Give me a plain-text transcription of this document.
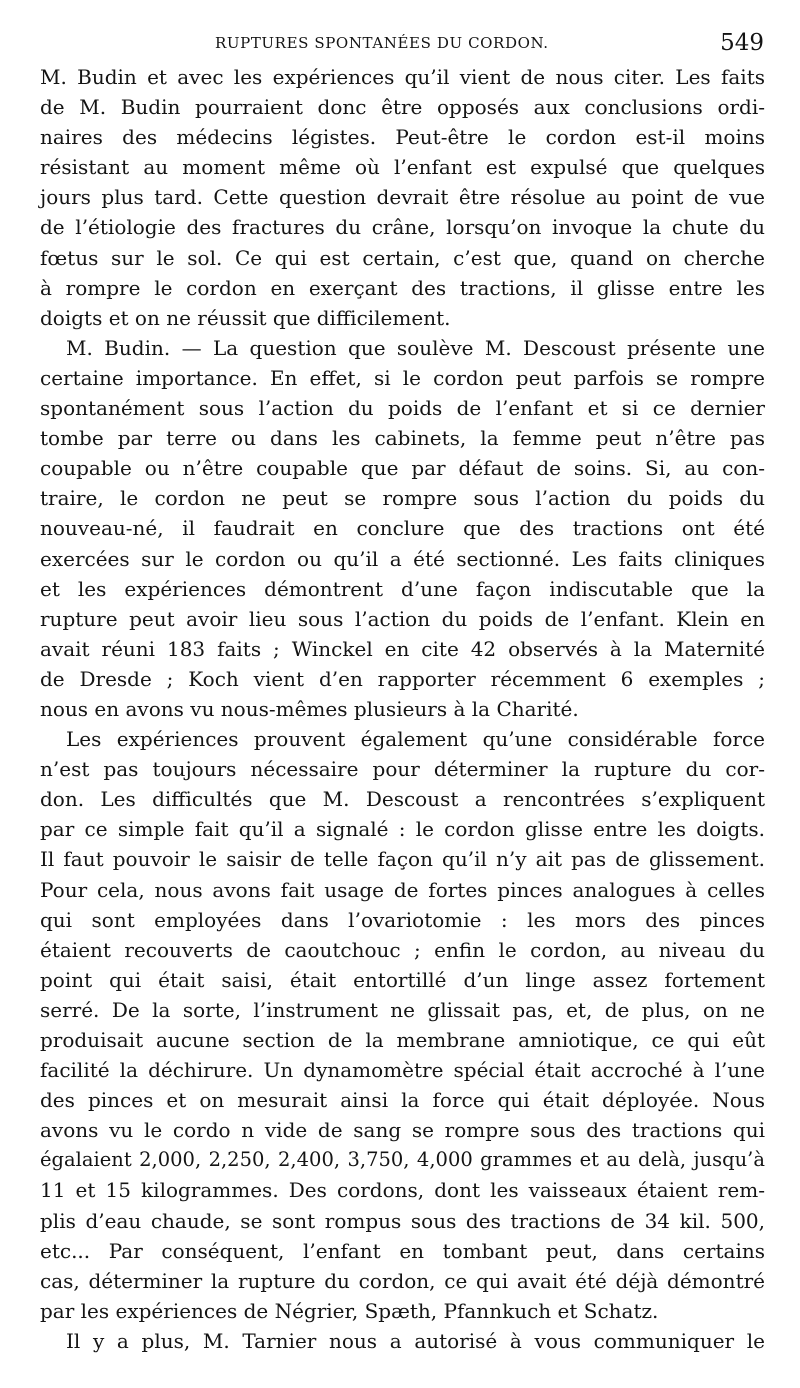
RUPTURES SPONTANÉES DU CORDON.	549
M. Budin et avec les expériences qu’il vient de nous citer. Les faits
de M. Budin pourraient donc être opposés aux conclusions ordi-
naires des médecins légistes. Peut-être le cordon est-il moins
résistant au moment même où l’enfant est expulsé que quelques
jours plus tard. Cette question devrait être résolue au point de vue
de l’étiologie des fractures du crâne, lorsqu’on invoque la chute du
fœtus sur le sol. Ce qui est certain, c’est que, quand on cherche
à rompre le cordon en exerçant des tractions, il glisse entre les
doigts et on ne réussit que difficilement.
M. Budin. — La question que soulève M. Descoust présente une
certaine importance. En effet, si le cordon peut parfois se rompre
spontanément sous l’action du poids de l’enfant et si ce dernier
tombe par terre ou dans les cabinets, la femme peut n’être pas
coupable ou n’être coupable que par défaut de soins. Si, au con-
traire, le cordon ne peut se rompre sous l’action du poids du
nouveau-né, il faudrait en conclure que des tractions ont été
exercées sur le cordon ou qu’il a été sectionné. Les faits cliniques
et les expériences démontrent d’une façon indiscutable que la
rupture peut avoir lieu sous l’action du poids de l’enfant. Klein en
avait réuni 183 faits ; Winckel en cite 42 observés à la Maternité
de Dresde ; Koch vient d’en rapporter récemment 6 exemples ;
nous en avons vu nous-mêmes plusieurs à la Charité.
Les expériences prouvent également qu’une considérable force
n’est pas toujours nécessaire pour déterminer la rupture du cor-
don. Les difficultés que M. Descoust a rencontrées s’expliquent
par ce simple fait qu’il a signalé : le cordon glisse entre les doigts.
Il faut pouvoir le saisir de telle façon qu’il n’y ait pas de glissement.
Pour cela, nous avons fait usage de fortes pinces analogues à celles
qui sont employées dans l’ovariotomie : les mors des pinces
étaient recouverts de caoutchouc ; enfin le cordon, au niveau du
point qui était saisi, était entortillé d’un linge assez fortement
serré. De la sorte, l’instrument ne glissait pas, et, de plus, on ne
produisait aucune section de la membrane amniotique, ce qui eût
facilité la déchirure. Un dynamomètre spécial était accroché à l’une
des pinces et on mesurait ainsi la force qui était déployée. Nous
avons vu le cordo n vide de sang se rompre sous des tractions qui
égalaient 2,000, 2,250, 2,400, 3,750, 4,000 grammes et au delà, jusqu’à
11 et 15 kilogrammes. Des cordons, dont les vaisseaux étaient rem-
plis d’eau chaude, se sont rompus sous des tractions de 34 kil. 500,
etc... Par conséquent, l’enfant en tombant peut, dans certains
cas, déterminer la rupture du cordon, ce qui avait été déjà démontré
par les expériences de Négrier, Spæth, Pfannkuch et Schatz.
Il y a plus, M. Tarnier nous a autorisé à vous communiquer le
